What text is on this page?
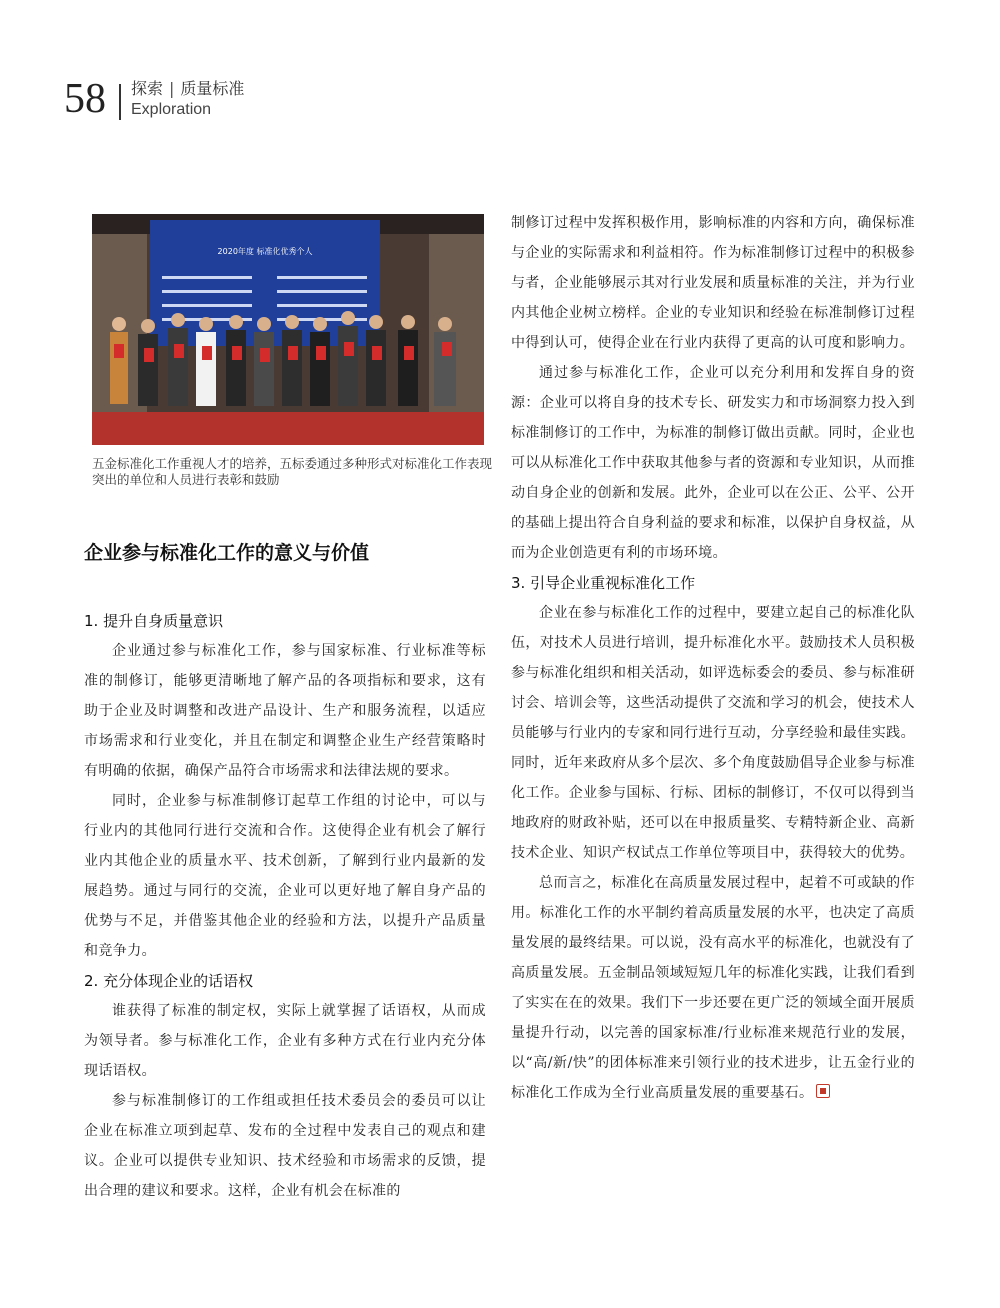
58 探索 | 质量标准
Exploration
2020年度 标准化优秀个人
五金标准化工作重视人才的培养，五标委通过多种形式对标准化工作表现突出的单位和人员进行表彰和鼓励
企业参与标准化工作的意义与价值

1. 提升自身质量意识

企业通过参与标准化工作，参与国家标准、行业标准等标准的制修订，能够更清晰地了解产品的各项指标和要求，这有助于企业及时调整和改进产品设计、生产和服务流程，以适应市场需求和行业变化，并且在制定和调整企业生产经营策略时有明确的依据，确保产品符合市场需求和法律法规的要求。

同时，企业参与标准制修订起草工作组的讨论中，可以与行业内的其他同行进行交流和合作。这使得企业有机会了解行业内其他企业的质量水平、技术创新，了解到行业内最新的发展趋势。通过与同行的交流，企业可以更好地了解自身产品的优势与不足，并借鉴其他企业的经验和方法，以提升产品质量和竞争力。

2. 充分体现企业的话语权

谁获得了标准的制定权，实际上就掌握了话语权，从而成为领导者。参与标准化工作，企业有多种方式在行业内充分体现话语权。

参与标准制修订的工作组或担任技术委员会的委员可以让企业在标准立项到起草、发布的全过程中发表自己的观点和建议。企业可以提供专业知识、技术经验和市场需求的反馈，提出合理的建议和要求。这样，企业有机会在标准的

制修订过程中发挥积极作用，影响标准的内容和方向，确保标准与企业的实际需求和利益相符。作为标准制修订过程中的积极参与者，企业能够展示其对行业发展和质量标准的关注，并为行业内其他企业树立榜样。企业的专业知识和经验在标准制修订过程中得到认可，使得企业在行业内获得了更高的认可度和影响力。

通过参与标准化工作，企业可以充分利用和发挥自身的资源：企业可以将自身的技术专长、研发实力和市场洞察力投入到标准制修订的工作中，为标准的制修订做出贡献。同时，企业也可以从标准化工作中获取其他参与者的资源和专业知识，从而推动自身企业的创新和发展。此外，企业可以在公正、公平、公开的基础上提出符合自身利益的要求和标准，以保护自身权益，从而为企业创造更有利的市场环境。

3. 引导企业重视标准化工作

企业在参与标准化工作的过程中，要建立起自己的标准化队伍，对技术人员进行培训，提升标准化水平。鼓励技术人员积极参与标准化组织和相关活动，如评选标委会的委员、参与标准研讨会、培训会等，这些活动提供了交流和学习的机会，使技术人员能够与行业内的专家和同行进行互动，分享经验和最佳实践。同时，近年来政府从多个层次、多个角度鼓励倡导企业参与标准化工作。企业参与国标、行标、团标的制修订，不仅可以得到当地政府的财政补贴，还可以在申报质量奖、专精特新企业、高新技术企业、知识产权试点工作单位等项目中，获得较大的优势。

总而言之，标准化在高质量发展过程中，起着不可或缺的作用。标准化工作的水平制约着高质量发展的水平，也决定了高质量发展的最终结果。可以说，没有高水平的标准化，也就没有了高质量发展。五金制品领域短短几年的标准化实践，让我们看到了实实在在的效果。我们下一步还要在更广泛的领域全面开展质量提升行动，以完善的国家标准/行业标准来规范行业的发展，以“高/新/快”的团体标准来引领行业的技术进步，让五金行业的标准化工作成为全行业高质量发展的重要基石。
